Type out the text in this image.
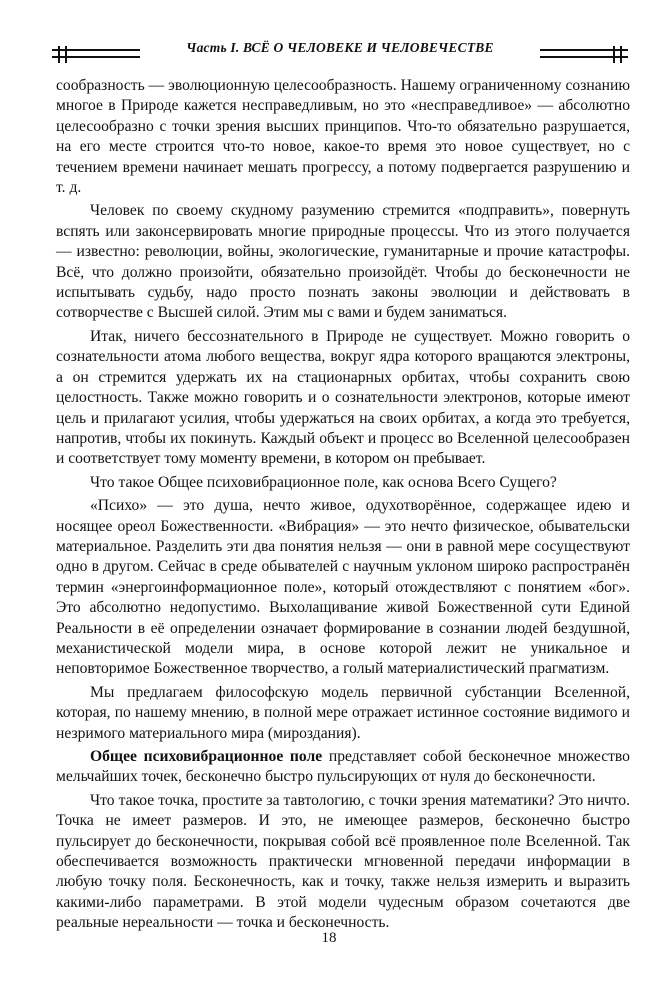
Часть I. ВСЁ О ЧЕЛОВЕКЕ И ЧЕЛОВЕЧЕСТВЕ

сообразность — эволюционную целесообразность. Нашему ограниченному сознанию многое в Природе кажется несправедливым, но это «несправедливое» — абсолютно целесообразно с точки зрения высших принципов. Что-то обязательно разрушается, на его месте строится что-то новое, какое-то время это новое существует, но с течением времени начинает мешать прогрессу, а потому подвергается разрушению и т. д.

Человек по своему скудному разумению стремится «подправить», повернуть вспять или законсервировать многие природные процессы. Что из этого получается — известно: революции, войны, экологические, гуманитарные и прочие катастрофы. Всё, что должно произойти, обязательно произойдёт. Чтобы до бесконечности не испытывать судьбу, надо просто познать законы эволюции и действовать в сотворчестве с Высшей силой. Этим мы с вами и будем заниматься.

Итак, ничего бессознательного в Природе не существует. Можно говорить о сознательности атома любого вещества, вокруг ядра которого вращаются электроны, а он стремится удержать их на стационарных орбитах, чтобы сохранить свою целостность. Также можно говорить и о сознательности электронов, которые имеют цель и прилагают усилия, чтобы удержаться на своих орбитах, а когда это требуется, напротив, чтобы их покинуть. Каждый объект и процесс во Вселенной целесообразен и соответствует тому моменту времени, в котором он пребывает.

Что такое Общее психовибрационное поле, как основа Всего Сущего?

«Психо» — это душа, нечто живое, одухотворённое, содержащее идею и носящее ореол Божественности. «Вибрация» — это нечто физическое, обывательски материальное. Разделить эти два понятия нельзя — они в равной мере сосуществуют одно в другом. Сейчас в среде обывателей с научным уклоном широко распространён термин «энергоинформационное поле», который отождествляют с понятием «бог». Это абсолютно недопустимо. Выхолащивание живой Божественной сути Единой Реальности в её определении означает формирование в сознании людей бездушной, механистической модели мира, в основе которой лежит не уникальное и неповторимое Божественное творчество, а голый материалистический прагматизм.

Мы предлагаем философскую модель первичной субстанции Вселенной, которая, по нашему мнению, в полной мере отражает истинное состояние видимого и незримого материального мира (мироздания).

Общее психовибрационное поле представляет собой бесконечное множество мельчайших точек, бесконечно быстро пульсирующих от нуля до бесконечности.

Что такое точка, простите за тавтологию, с точки зрения математики? Это ничто. Точка не имеет размеров. И это, не имеющее размеров, бесконечно быстро пульсирует до бесконечности, покрывая собой всё проявленное поле Вселенной. Так обеспечивается возможность практически мгновенной передачи информации в любую точку поля. Бесконечность, как и точку, также нельзя измерить и выразить какими-либо параметрами. В этой модели чудесным образом сочетаются две реальные нереальности — точка и бесконечность.

18
